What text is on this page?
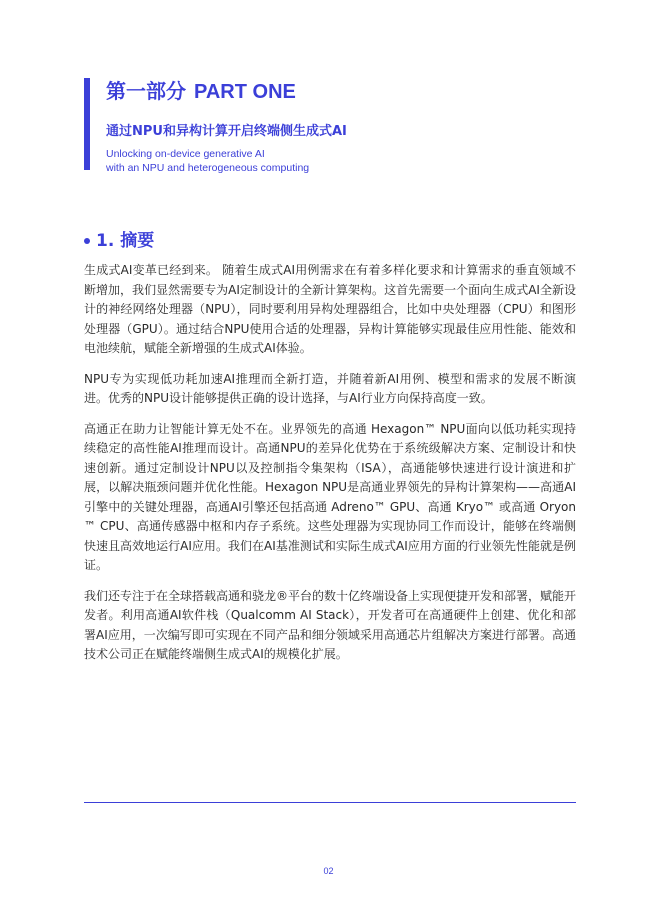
第一部分 PART ONE
通过NPU和异构计算开启终端侧生成式AI
Unlocking on-device generative AI
with an NPU and heterogeneous computing
1. 摘要

生成式AI变革已经到来。 随着生成式AI用例需求在有着多样化要求和计算需求的垂直领域不断增加，我们显然需要专为AI定制设计的全新计算架构。这首先需要一个面向生成式AI全新设计的神经网络处理器（NPU），同时要利用异构处理器组合，比如中央处理器（CPU）和图形处理器（GPU）。通过结合NPU使用合适的处理器，异构计算能够实现最佳应用性能、能效和电池续航，赋能全新增强的生成式AI体验。

NPU专为实现低功耗加速AI推理而全新打造，并随着新AI用例、模型和需求的发展不断演进。优秀的NPU设计能够提供正确的设计选择，与AI行业方向保持高度一致。

高通正在助力让智能计算无处不在。业界领先的高通 Hexagon™ NPU面向以低功耗实现持续稳定的高性能AI推理而设计。高通NPU的差异化优势在于系统级解决方案、定制设计和快速创新。通过定制设计NPU以及控制指令集架构（ISA），高通能够快速进行设计演进和扩展，以解决瓶颈问题并优化性能。Hexagon NPU是高通业界领先的异构计算架构——高通AI引擎中的关键处理器，高通AI引擎还包括高通 Adreno™ GPU、高通 Kryo™ 或高通 Oryon™ CPU、高通传感器中枢和内存子系统。这些处理器为实现协同工作而设计，能够在终端侧快速且高效地运行AI应用。我们在AI基准测试和实际生成式AI应用方面的行业领先性能就是例证。

我们还专注于在全球搭载高通和骁龙®平台的数十亿终端设备上实现便捷开发和部署，赋能开发者。利用高通AI软件栈（Qualcomm AI Stack），开发者可在高通硬件上创建、优化和部署AI应用，一次编写即可实现在不同产品和细分领域采用高通芯片组解决方案进行部署。高通技术公司正在赋能终端侧生成式AI的规模化扩展。

02
